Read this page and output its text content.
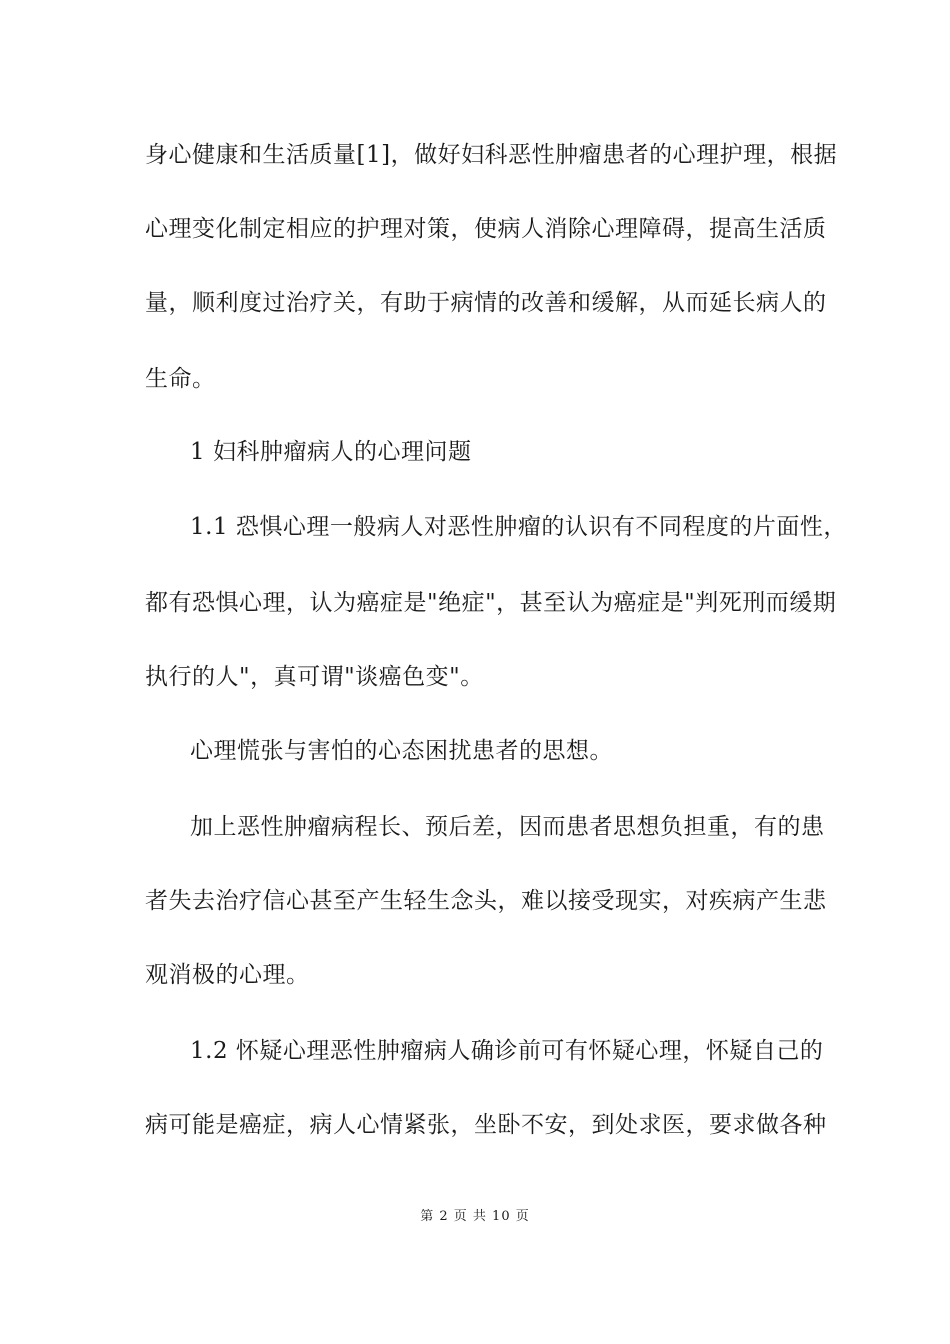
身心健康和生活质量[1]，做好妇科恶性肿瘤患者的心理护理，根据
心理变化制定相应的护理对策，使病人消除心理障碍，提高生活质
量，顺利度过治疗关，有助于病情的改善和缓解，从而延长病人的
生命。
1 妇科肿瘤病人的心理问题
1.1 恐惧心理一般病人对恶性肿瘤的认识有不同程度的片面性，
都有恐惧心理，认为癌症是"绝症"，甚至认为癌症是"判死刑而缓期
执行的人"，真可谓"谈癌色变"。
心理慌张与害怕的心态困扰患者的思想。
加上恶性肿瘤病程长、预后差，因而患者思想负担重，有的患
者失去治疗信心甚至产生轻生念头，难以接受现实，对疾病产生悲
观消极的心理。
1.2 怀疑心理恶性肿瘤病人确诊前可有怀疑心理，怀疑自己的
病可能是癌症，病人心情紧张，坐卧不安，到处求医，要求做各种
第 2 页 共 10 页
